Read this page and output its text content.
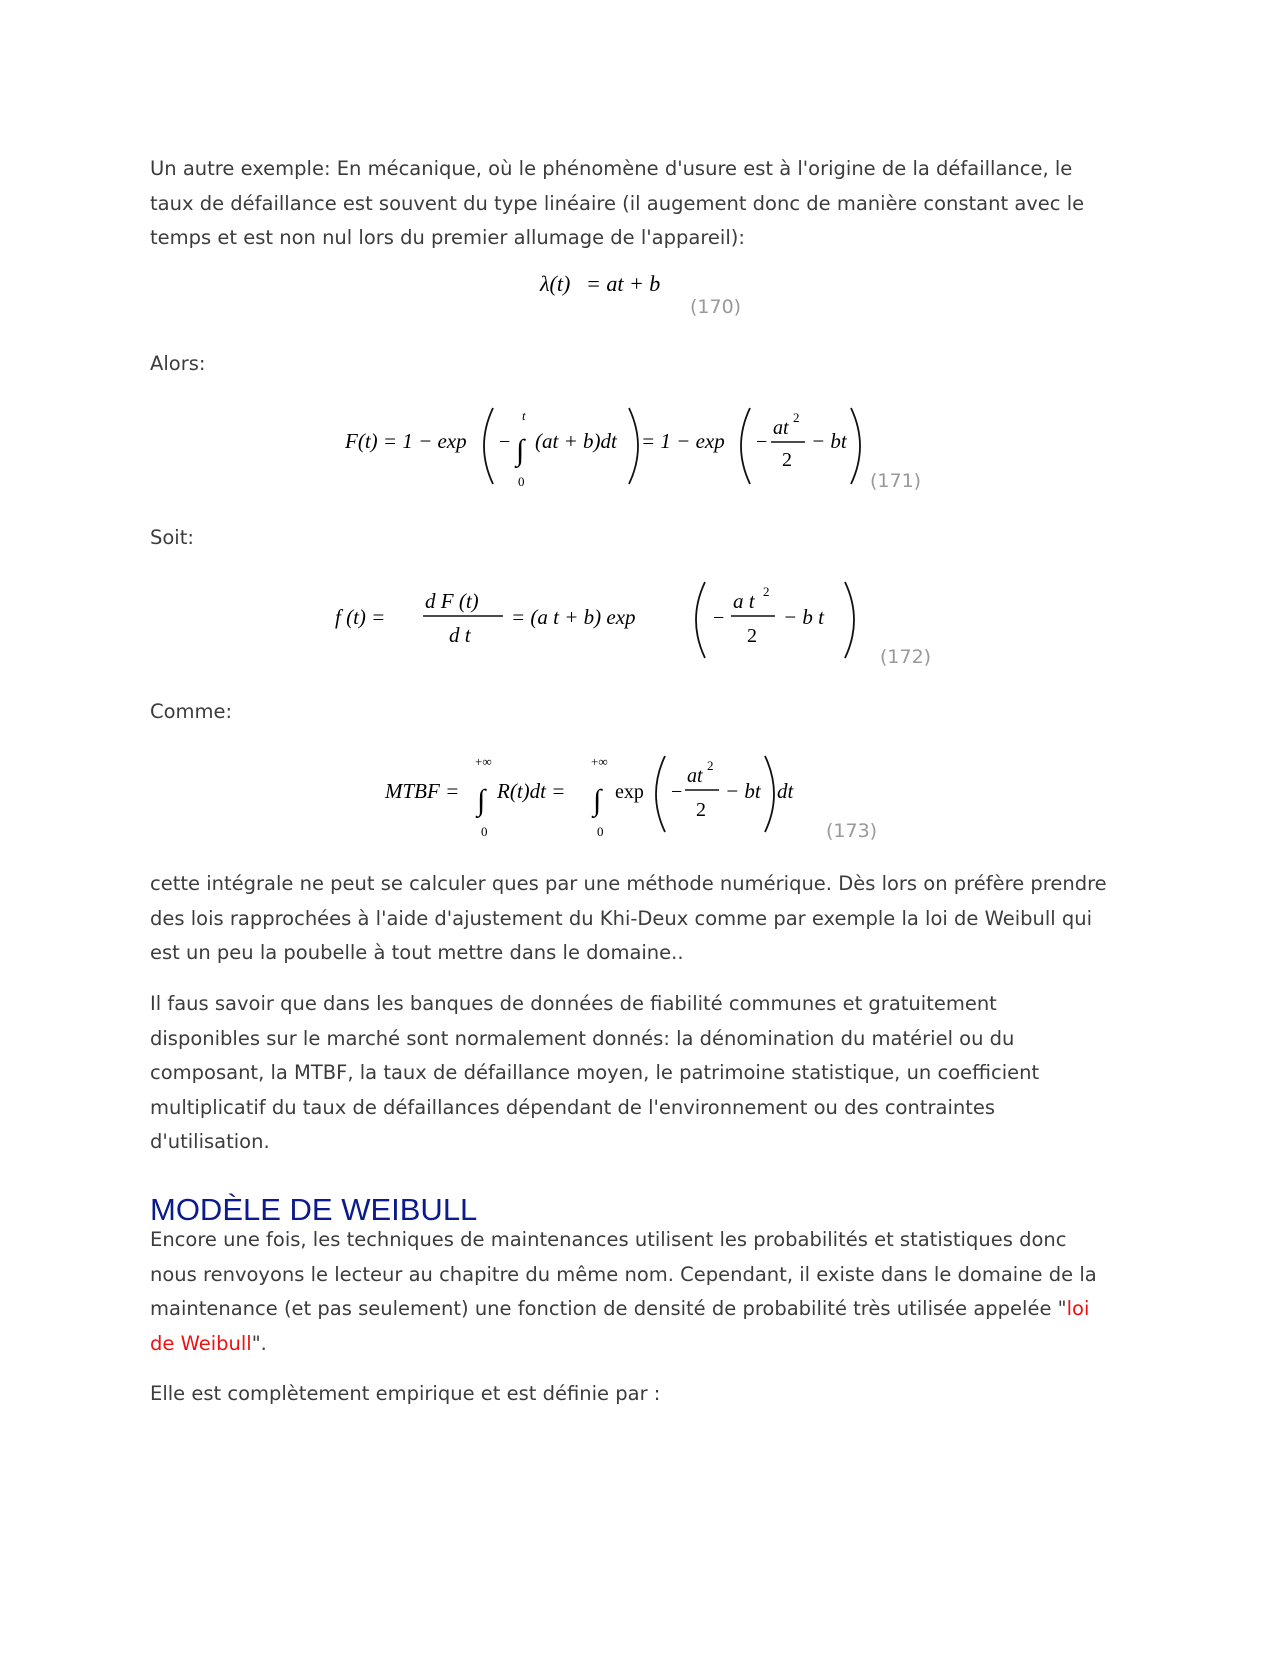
Un autre exemple: En mécanique, où le phénomène d'usure est à l'origine de la défaillance, le taux de défaillance est souvent du type linéaire (il augement donc de manière constant avec le temps et est non nul lors du premier allumage de l'appareil):

λ(t) = at + b
(170)

Alors:

F(t) = 1 − exp − ∫
t
0
(at + b)dt = 1 − exp −
at 2
2
− bt
(171)

Soit:

f (t) =
d F (t)
d t
= (a t + b) exp	−
a t 2
2
− b t
(172)

Comme:

MTBF = ∫
+∞
0
R(t)dt = ∫
+∞
0
exp −
at 2
2
− bt dt
(173)

cette intégrale ne peut se calculer ques par une méthode numérique. Dès lors on préfère prendre des lois rapprochées à l'aide d'ajustement du Khi-Deux comme par exemple la loi de Weibull qui est un peu la poubelle à tout mettre dans le domaine..

Il faus savoir que dans les banques de données de fiabilité communes et gratuitement disponibles sur le marché sont normalement donnés: la dénomination du matériel ou du composant, la MTBF, la taux de défaillance moyen, le patrimoine statistique, un coefficient multiplicatif du taux de défaillances dépendant de l'environnement ou des contraintes d'utilisation.

MODÈLE DE WEIBULL

Encore une fois, les techniques de maintenances utilisent les probabilités et statistiques donc nous renvoyons le lecteur au chapitre du même nom. Cependant, il existe dans le domaine de la maintenance (et pas seulement) une fonction de densité de probabilité très utilisée appelée "loi de Weibull".

Elle est complètement empirique et est définie par :
